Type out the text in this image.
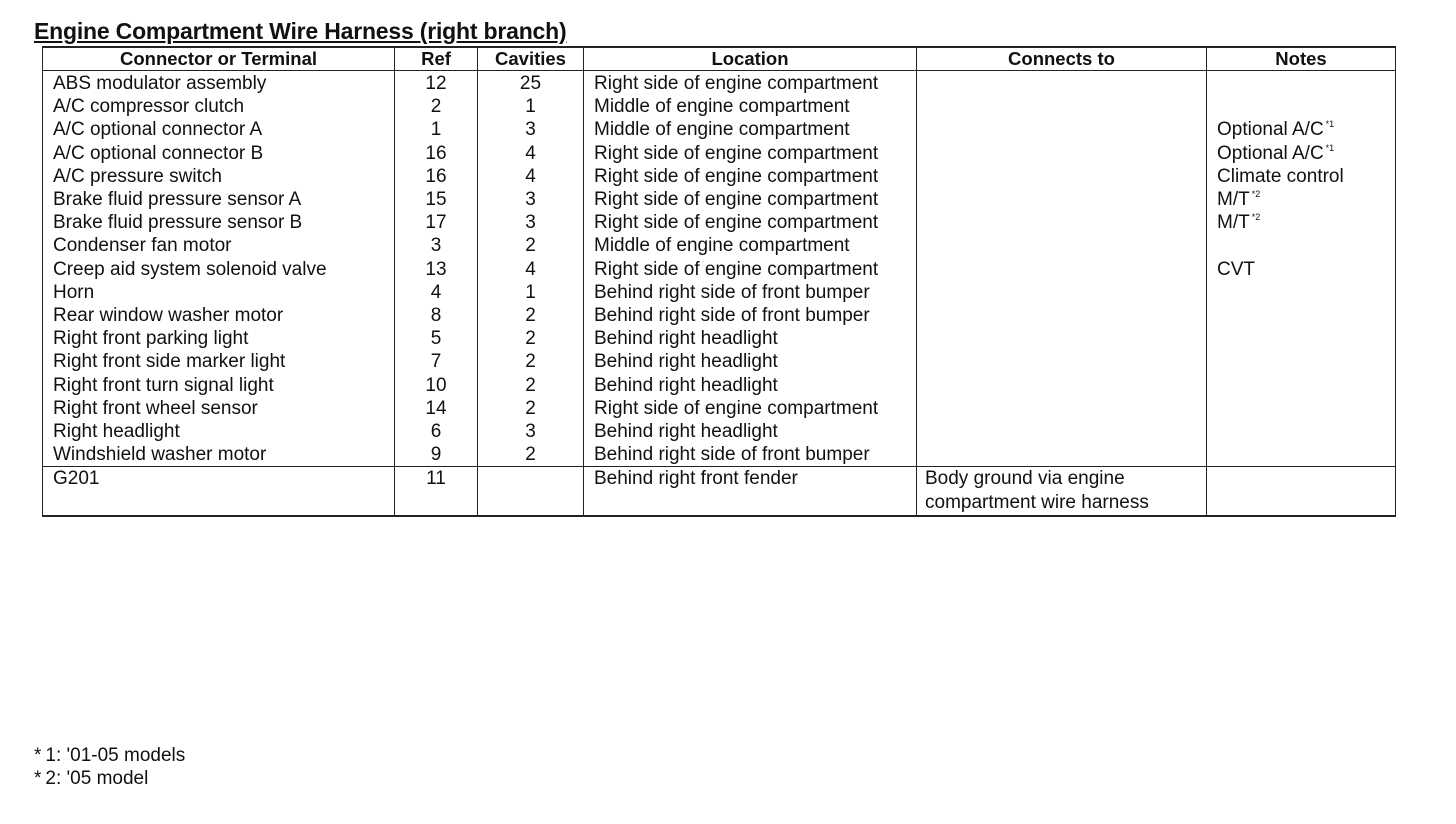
Engine Compartment Wire Harness (right branch)
Connector or Terminal	Ref	Cavities	Location	Connects to	Notes
ABS modulator assembly	12	25	Right side of engine compartment		
A/C compressor clutch	2	1	Middle of engine compartment		
A/C optional connector A	1	3	Middle of engine compartment		Optional A/C $^{*1}$
A/C optional connector B	16	4	Right side of engine compartment		Optional A/C $^{*1}$
A/C pressure switch	16	4	Right side of engine compartment		Climate control
Brake fluid pressure sensor A	15	3	Right side of engine compartment		M/T $^{*2}$
Brake fluid pressure sensor B	17	3	Right side of engine compartment		M/T $^{*2}$
Condenser fan motor	3	2	Middle of engine compartment		
Creep aid system solenoid valve	13	4	Right side of engine compartment		CVT
Horn	4	1	Behind right side of front bumper		
Rear window washer motor	8	2	Behind right side of front bumper		
Right front parking light	5	2	Behind right headlight		
Right front side marker light	7	2	Behind right headlight		
Right front turn signal light	10	2	Behind right headlight		
Right front wheel sensor	14	2	Right side of engine compartment		
Right headlight	6	3	Behind right headlight		
Windshield washer motor	9	2	Behind right side of front bumper		
G201	11		Behind right front fender	Body ground via engine compartment wire harness	
* 1: '01-05 models
* 2: '05 model
